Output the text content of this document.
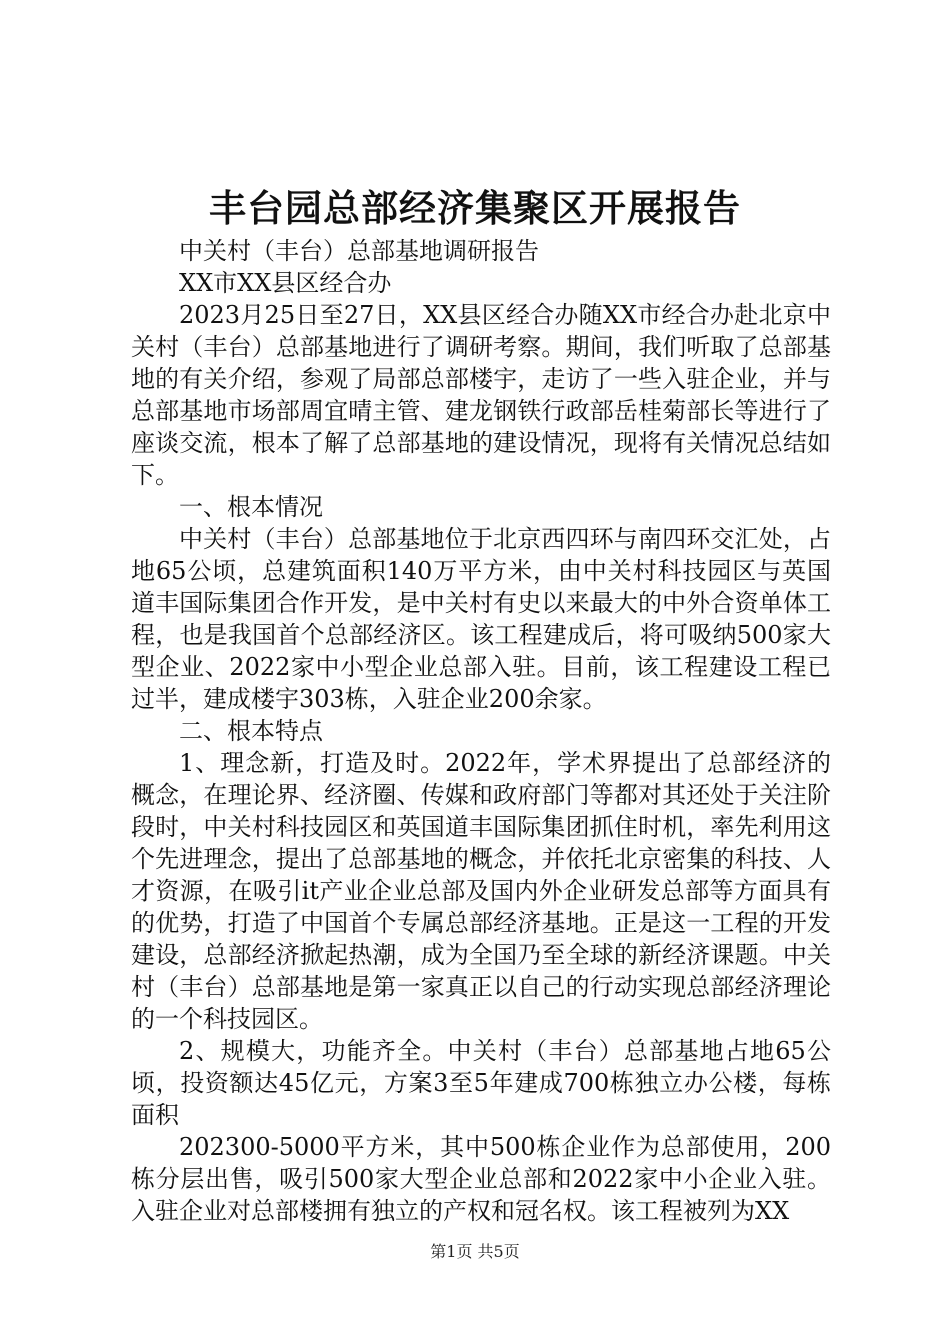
丰台园总部经济集聚区开展报告

中关村（丰台）总部基地调研报告

XX市XX县区经合办

2023月25日至27日，XX县区经合办随XX市经合办赴北京中关村（丰台）总部基地进行了调研考察。期间，我们听取了总部基地的有关介绍，参观了局部总部楼宇，走访了一些入驻企业，并与总部基地市场部周宜晴主管、建龙钢铁行政部岳桂菊部长等进行了座谈交流，根本了解了总部基地的建设情况，现将有关情况总结如下。

一、根本情况

中关村（丰台）总部基地位于北京西四环与南四环交汇处，占地65公顷，总建筑面积140万平方米，由中关村科技园区与英国道丰国际集团合作开发，是中关村有史以来最大的中外合资单体工程，也是我国首个总部经济区。该工程建成后，将可吸纳500家大型企业、2022家中小型企业总部入驻。目前，该工程建设工程已过半，建成楼宇303栋，入驻企业200余家。

二、根本特点

1、理念新，打造及时。2022年，学术界提出了总部经济的概念，在理论界、经济圈、传媒和政府部门等都对其还处于关注阶段时，中关村科技园区和英国道丰国际集团抓住时机，率先利用这个先进理念，提出了总部基地的概念，并依托北京密集的科技、人才资源，在吸引it产业企业总部及国内外企业研发总部等方面具有的优势，打造了中国首个专属总部经济基地。正是这一工程的开发建设，总部经济掀起热潮，成为全国乃至全球的新经济课题。中关村（丰台）总部基地是第一家真正以自己的行动实现总部经济理论的一个科技园区。

2、规模大，功能齐全。中关村（丰台）总部基地占地65公顷，投资额达45亿元，方案3至5年建成700栋独立办公楼，每栋面积

202300-5000平方米，其中500栋企业作为总部使用，200栋分层出售，吸引500家大型企业总部和2022家中小企业入驻。入驻企业对总部楼拥有独立的产权和冠名权。该工程被列为XX

第1页 共5页
